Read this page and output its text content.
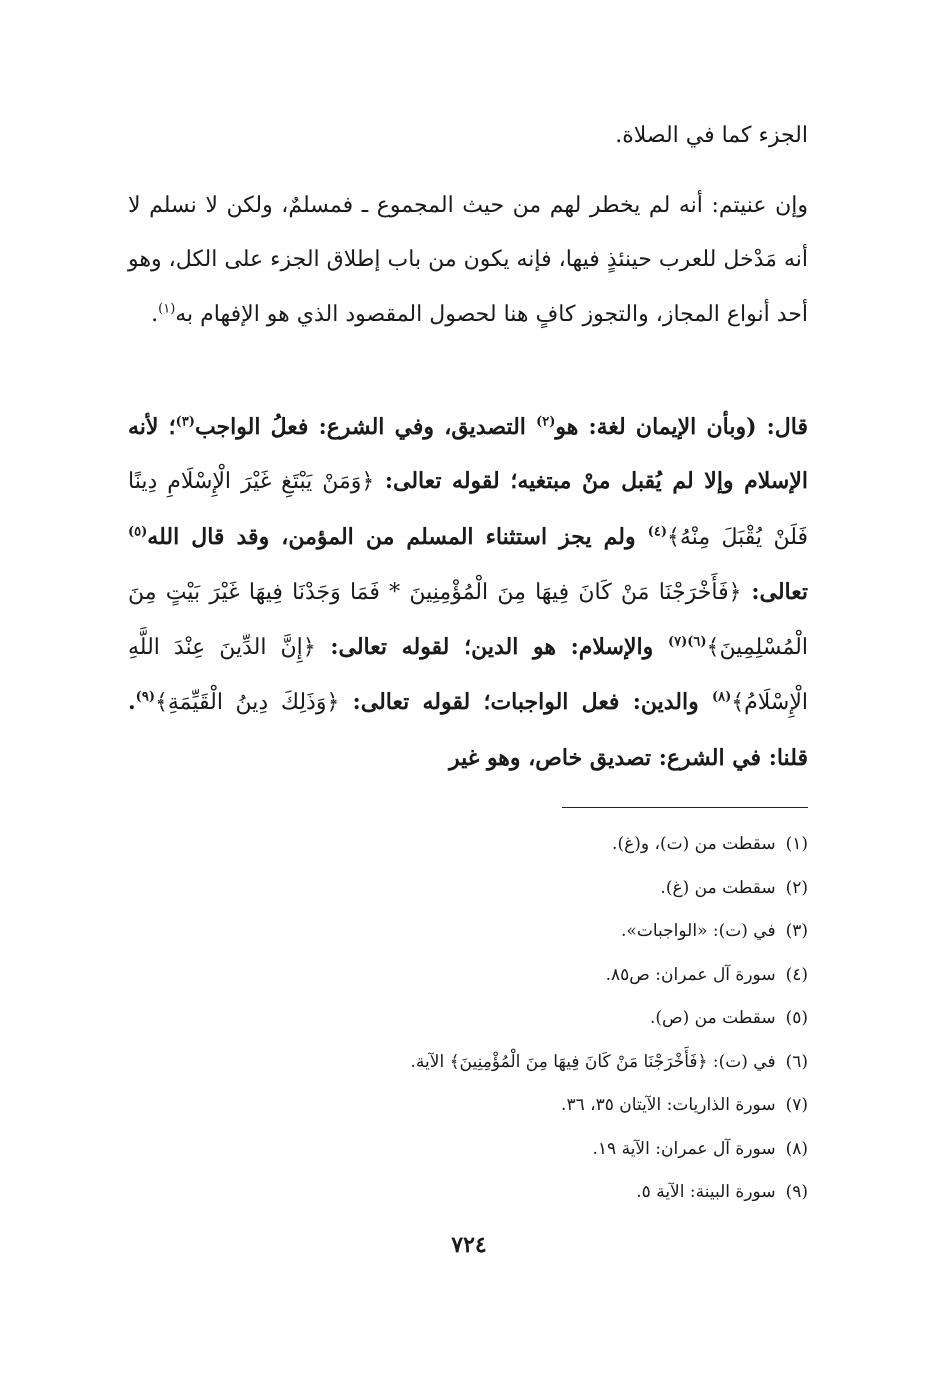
الجزء كما في الصلاة.

وإن عنيتم: أنه لم يخطر لهم من حيث المجموع ـ فمسلمٌ، ولكن لا نسلم لا أنه مَدْخل للعرب حينئذٍ فيها، فإنه يكون من باب إطلاق الجزء على الكل، وهو أحد أنواع المجاز، والتجوز كافٍ هنا لحصول المقصود الذي هو الإفهام به$^{(١)}$.

قال: (وبأن الإيمان لغة: هو$^{(٢)}$ التصديق، وفي الشرع: فعلُ الواجب$^{(٣)}$؛ لأنه الإسلام وإلا لم يُقبل منْ مبتغيه؛ لقوله تعالى: ﴿وَمَنْ يَبْتَغِ غَيْرَ الْإِسْلَامِ دِينًا فَلَنْ يُقْبَلَ مِنْهُ﴾$^{(٤)}$ ولم يجز استثناء المسلم من المؤمن، وقد قال الله$^{(٥)}$ تعالى: ﴿فَأَخْرَجْنَا مَنْ كَانَ فِيهَا مِنَ الْمُؤْمِنِينَ * فَمَا وَجَدْنَا فِيهَا غَيْرَ بَيْتٍ مِنَ الْمُسْلِمِينَ﴾$^{(٦)(٧)}$ والإسلام: هو الدين؛ لقوله تعالى: ﴿إِنَّ الدِّينَ عِنْدَ اللَّهِ الْإِسْلَامُ﴾$^{(٨)}$ والدين: فعل الواجبات؛ لقوله تعالى: ﴿وَذَلِكَ دِينُ الْقَيِّمَةِ﴾$^{(٩)}$. قلنا: في الشرع: تصديق خاص، وهو غير

(١)
سقطت من (ت)، و(غ).
(٢)
سقطت من (غ).
(٣)
في (ت): «الواجبات».
(٤)
سورة آل عمران: ص٨٥.
(٥)
سقطت من (ص).
(٦)
في (ت): ﴿فَأَخْرَجْنَا مَنْ كَانَ فِيهَا مِنَ الْمُؤْمِنِينَ﴾ الآية.
(٧)
سورة الذاريات: الآيتان ٣٥، ٣٦.
(٨)
سورة آل عمران: الآية ١٩.
(٩)
سورة البينة: الآية ٥.
٧٢٤
